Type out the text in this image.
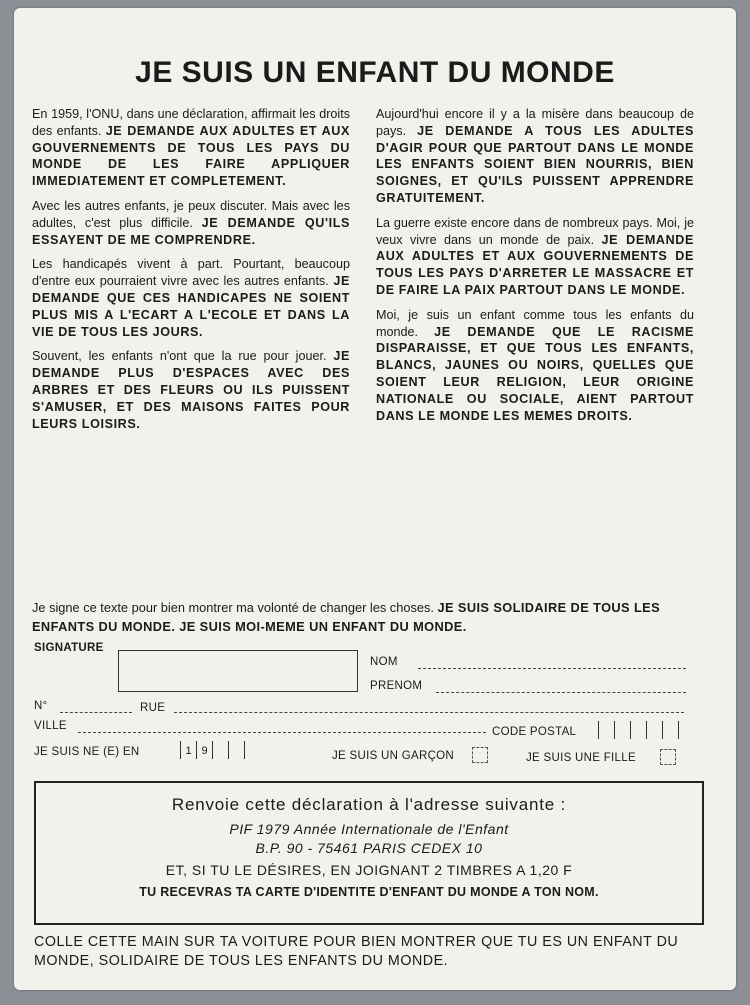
JE SUIS UN ENFANT DU MONDE

En 1959, l'ONU, dans une déclaration, affirmait les droits des enfants. JE DEMANDE AUX ADULTES ET AUX GOUVERNEMENTS DE TOUS LES PAYS DU MONDE DE LES FAIRE APPLIQUER IMMEDIATEMENT ET COMPLETEMENT.

Avec les autres enfants, je peux discuter. Mais avec les adultes, c'est plus difficile. JE DEMANDE QU'ILS ESSAYENT DE ME COMPRENDRE.

Les handicapés vivent à part. Pourtant, beaucoup d'entre eux pourraient vivre avec les autres enfants. JE DEMANDE QUE CES HANDICAPES NE SOIENT PLUS MIS A L'ECART A L'ECOLE ET DANS LA VIE DE TOUS LES JOURS.

Souvent, les enfants n'ont que la rue pour jouer. JE DEMANDE PLUS D'ESPACES AVEC DES ARBRES ET DES FLEURS OU ILS PUISSENT S'AMUSER, ET DES MAISONS FAITES POUR LEURS LOISIRS.

Aujourd'hui encore il y a la misère dans beaucoup de pays. JE DEMANDE A TOUS LES ADULTES D'AGIR POUR QUE PARTOUT DANS LE MONDE LES ENFANTS SOIENT BIEN NOURRIS, BIEN SOIGNES, ET QU'ILS PUISSENT APPRENDRE GRATUITEMENT.

La guerre existe encore dans de nombreux pays. Moi, je veux vivre dans un monde de paix. JE DEMANDE AUX ADULTES ET AUX GOUVERNEMENTS DE TOUS LES PAYS D'ARRETER LE MASSACRE ET DE FAIRE LA PAIX PARTOUT DANS LE MONDE.

Moi, je suis un enfant comme tous les enfants du monde. JE DEMANDE QUE LE RACISME DISPARAISSE, ET QUE TOUS LES ENFANTS, BLANCS, JAUNES OU NOIRS, QUELLES QUE SOIENT LEUR RELIGION, LEUR ORIGINE NATIONALE OU SOCIALE, AIENT PARTOUT DANS LE MONDE LES MEMES DROITS.

Je signe ce texte pour bien montrer ma volonté de changer les choses. JE SUIS SOLIDAIRE DE TOUS LES ENFANTS DU MONDE. JE SUIS MOI-MEME UN ENFANT DU MONDE.
SIGNATURE
NOM
PRENOM
N°	RUE
VILLE	CODE POSTAL
JE SUIS NE (E) EN	1 9	JE SUIS UN GARÇON	JE SUIS UNE FILLE
Renvoie cette déclaration à l'adresse suivante :
PIF 1979 Année Internationale de l'Enfant
B.P. 90 - 75461 PARIS CEDEX 10
ET, SI TU LE DÉSIRES, EN JOIGNANT 2 TIMBRES A 1,20 F
TU RECEVRAS TA CARTE D'IDENTITE D'ENFANT DU MONDE A TON NOM.
COLLE CETTE MAIN SUR TA VOITURE POUR BIEN MONTRER QUE TU ES UN ENFANT DU MONDE, SOLIDAIRE DE TOUS LES ENFANTS DU MONDE.
